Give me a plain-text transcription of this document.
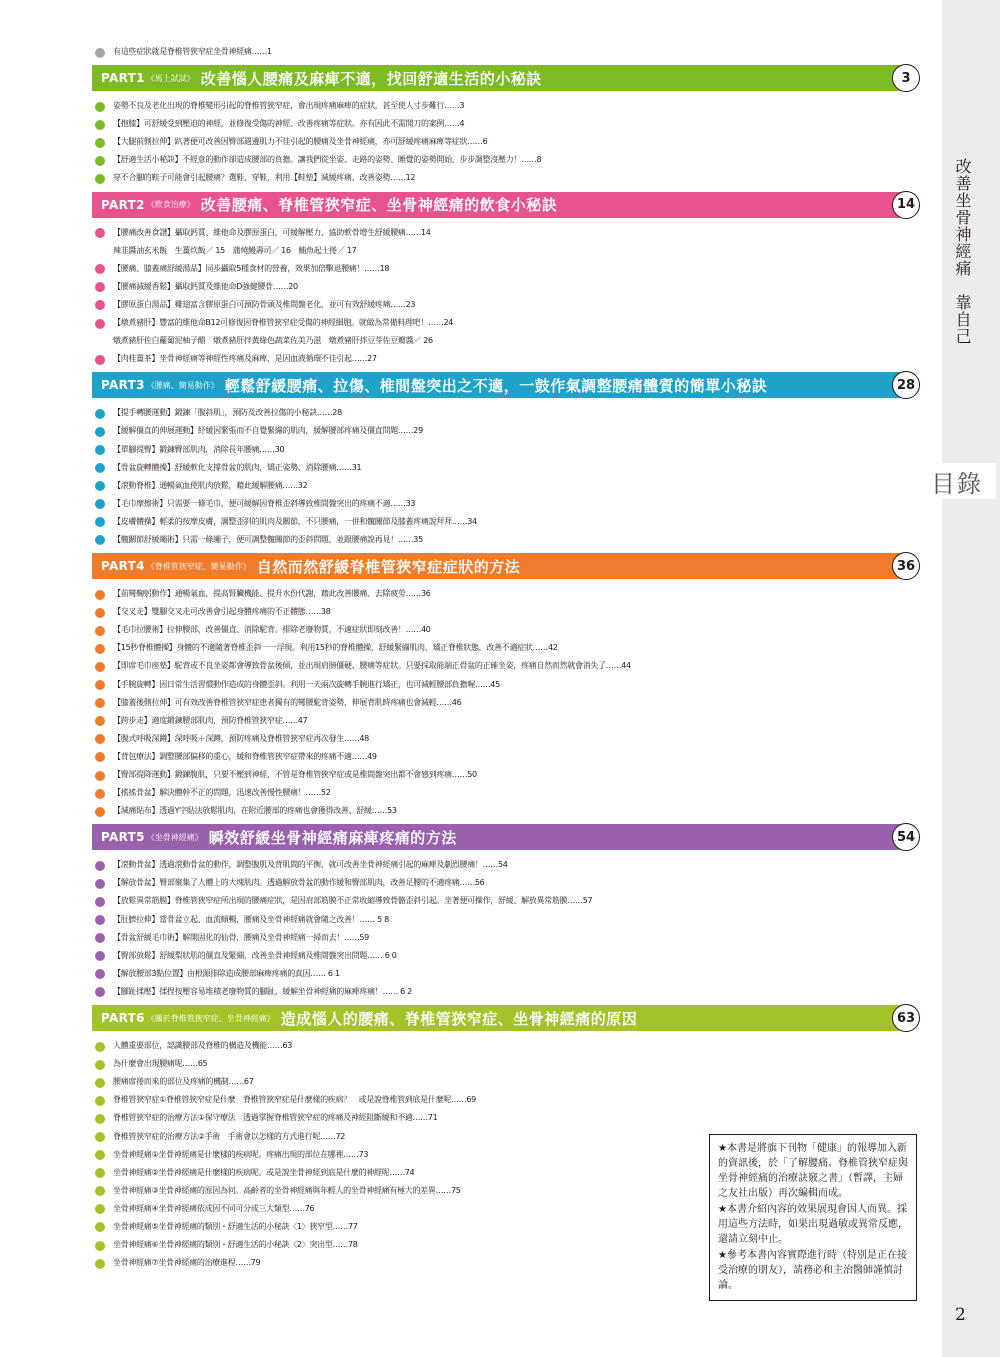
改善坐骨神經痛　靠自己
目錄
2
有這些症狀就是脊椎管狹窄症坐骨神經痛……1
PART1 《馬上試試》 改善惱人腰痛及麻痺不適，找回舒適生活的小秘訣	3
姿勢不良及老化出現的脊椎變形引起的脊椎管狹窄症，會出現疼痛麻痺的症狀，甚至使人寸步難行……3
【抱膝】可舒緩受到壓迫的神經，並修復受傷的神經、改善疼痛等症狀。亦有因此不需開刀的案例……4
【大腿前側拉伸】趴著便可改善因臀部週邊肌力不佳引起的腰痛及坐骨神經痛，亦可舒緩疼痛麻痺等症狀……6
【舒適生活小秘訣】不經意的動作卻造成腰部的負擔。讓我們從坐姿、走路的姿勢、睡覺的姿勢開始，步步調整沒壓力！……8
穿不合腳的鞋子可能會引起腰痛？選鞋、穿鞋，利用【鞋墊】減緩疼痛、改善姿勢……12
PART2 《飲食治療》 改善腰痛、脊椎管狹窄症、坐骨神經痛的飲食小秘訣	14
【腰痛改善食譜】攝取鈣質、維他命及膠原蛋白，可緩解壓力、協助軟骨增生舒緩腰痛……14
辣韭醬油玄米飯　生薑炊飯／ 15　蒲燒鰻壽司／ 16　鮪魚起士捲／ 17
【腰痛、膝蓋痛舒緩湯品】同步攝取5種食材的營養，效果加倍擊退腰痛！……18
【腰痛減緩香鬆】攝取鈣質及維他命D強健腰骨……20
【膠原蛋白湯品】雞翅富含膠原蛋白可預防骨頭及椎間盤老化，並可有效舒緩疼痛……23
【燉煮豬肝】豐富的維他命B12可修復因脊椎管狹窄症受傷的神經細胞。就做為常備料理吧！……24
燉煮豬肝佐白蘿蔔泥柚子醋　燉煮豬肝拌黃綠色蔬菜佐美乃滋　燉煮豬肝拌豆芽佐豆瓣醬／ 26
【肉桂薑茶】坐骨神經痛等神經性疼痛及麻痺，是因血液循環不佳引起……27
PART3 《腰痛、簡易動作》 輕鬆舒緩腰痛、拉傷、椎間盤突出之不適，一鼓作氣調整腰痛體質的簡單小秘訣	28
【提手轉腰運動】鍛鍊「腹斜肌」，預防及改善拉傷的小秘訣……28
【緩解僵直的伸展運動】紓緩因緊張而不自覺緊繃的肌肉，緩解腰部疼痛及僵直問題……29
【單腳提臀】鍛鍊臀部肌肉，消除長年腰痛……30
【骨盆旋轉體操】舒緩軟化支撐骨盆的肌肉，矯正姿勢、消除腰痛……31
【滾動脊椎】通暢氣血使肌肉放鬆，藉此緩解腰痛……32
【毛巾摩擦術】只需要一條毛巾，便可緩解因脊椎歪斜導致椎間盤突出的疼痛不適……33
【皮膚體操】輕柔的按摩皮膚，調整歪斜的肌肉及關節，不只腰痛，一併和髖關節及膝蓋疼痛說拜拜……34
【髖關節舒緩繩術】只需一條繩子，便可調整髖關節的歪斜問題，並跟腰痛說再見！……35
PART4 《脊椎管狹窄症、簡易動作》 自然而然舒緩脊椎管狹窄症症狀的方法	36
【前彎鞠躬動作】通暢氣血，提高腎臟機能、提升水份代謝，藉此改善腰痛、去除疲勞……36
【交叉走】雙腳交叉走可改善會引起身體疼痛的不正體態……38
【毛巾拉腰術】拉伸腰部，改善僵直、消除駝背。排除老廢物質，不適症狀即刻改善！……40
【15秒脊椎體操】身體的不適隨著脊椎歪斜一一浮現。利用15秒的脊椎體操，舒緩緊繃肌肉、矯正脊椎狀態，改善不適症狀……42
【即席毛巾座墊】駝背或不良坐姿都會導致骨盆後傾，並出現肩膀僵硬、腰痛等症狀。只要採取能端正骨盆的正確坐姿，疼痛自然而然就會消失了……44
【手腕旋轉】因日常生活習慣動作造成的身體歪斜。利用一天兩次旋轉手腕進行矯正，也可減輕腰部負擔喔……45
【膝蓋後側拉伸】可有效改善脊椎管狹窄症患者獨有的彎腰駝背姿勢，伸展背肌時疼痛也會減輕……46
【跨步走】適度鍛鍊腰部肌肉，預防脊椎管狹窄症……47
【腹式呼吸深蹲】深呼吸＋深蹲，預防疼痛及脊椎管狹窄症再次發生……48
【背包療法】調整腰部偏移的重心，緩和脊椎管狹窄症帶來的疼痛不適……49
【臀部提降運動】鍛鍊腹肌，只要不壓到神經，不管是脊椎管狹窄症或是椎間盤突出都不會感到疼痛……50
【搖搖骨盆】解決體幹不正的問題，迅速改善慢性腰痛！……52
【減痛貼布】透過Y字貼法放鬆肌肉，在附近腰部的疼痛也會獲得改善、舒緩……53
PART5 《坐骨神經痛》 瞬效舒緩坐骨神經痛麻痺疼痛的方法	54
【滾動骨盆】透過滾動骨盆的動作，調整腹肌及背肌間的平衡，就可改善坐骨神經痛引起的麻痺及劇烈腰痛！……54
【解放骨盆】臀部聚集了人體上的大塊肌肉。透過解放骨盆的動作緩和臀部肌肉，改善足腰的不適疼痛……56
【放鬆異常筋膜】脊椎管狹窄症所出現的腰痛症狀，是因肩部筋膜不正常收縮導致骨骼歪斜引起。坐著便可操作，舒緩、解放異常筋膜……57
【肚臍拉伸】當骨盆立起、血流順暢，腰痛及坐骨神經痛就會隨之改善！…… 5 8
【骨盆舒緩毛巾術】解開固化的仙骨，腰痛及坐骨神經痛一掃而去！……59
【臀部放鬆】舒緩梨狀肌的僵直及緊繃，改善坐骨神經痛及椎間盤突出問題…… 6 0
【解放腰部3點位置】由根源排除造成腰部麻痺疼痛的真因…… 6 1
【腳趾揉壓】揉捏按壓容易堆積老廢物質的腳趾，緩解坐骨神經痛的麻痺疼痛！…… 6 2
PART6 《關於脊椎管狹窄症、坐骨神經痛》 造成惱人的腰痛、脊椎管狹窄症、坐骨神經痛的原因	63
人體重要部位，認識腰部及脊椎的構造及機能……63
為什麼會出現腰痛呢……65
腰痛席捲而來的部位及疼痛的機制……67
脊椎管狹窄症①脊椎管狹窄症是什麼　脊椎管狹窄症是什麼樣的疾病？　或是說脊椎管到底是什麼呢……69
脊椎管狹窄症的治療方法①保守療法　透過掌握脊椎管狹窄症的疼痛及神經阻斷緩和不適……71
脊椎管狹窄症的治療方法②手術　手術會以怎樣的方式進行呢……72
坐骨神經痛①坐骨神經痛是什麼樣的疾病呢。疼痛出現的部位在哪裡……73
坐骨神經痛②坐骨神經痛是什麼樣的疾病呢。或是說坐骨神經到底是什麼的神經呢……74
坐骨神經痛③坐骨神經痛的原因為何。高齡者的坐骨神經痛與年輕人的坐骨神經痛有極大的差異……75
坐骨神經痛④坐骨神經痛依成因不同可分成三大類型……76
坐骨神經痛⑤坐骨神經痛的類別・舒適生活的小秘訣〈1〉狹窄型……77
坐骨神經痛⑥坐骨神經痛的類別・舒適生活的小秘訣〈2〉突出型……78
坐骨神經痛⑦坐骨神經痛的治療進程……79

★本書是將旗下刊物「健康」的報導加入新的資訊後，於「了解腰痛、脊椎管狹窄症與坐骨神經痛的治療訣竅之書」（暫譯，主婦之友社出版）再次編輯而成。

★本書介紹內容的效果展現會因人而異。採用這些方法時，如果出現過敏或異常反應，還請立刻中止。

★參考本書內容實際進行時（特別是正在接受治療的朋友），請務必和主治醫師謹慎討論。
